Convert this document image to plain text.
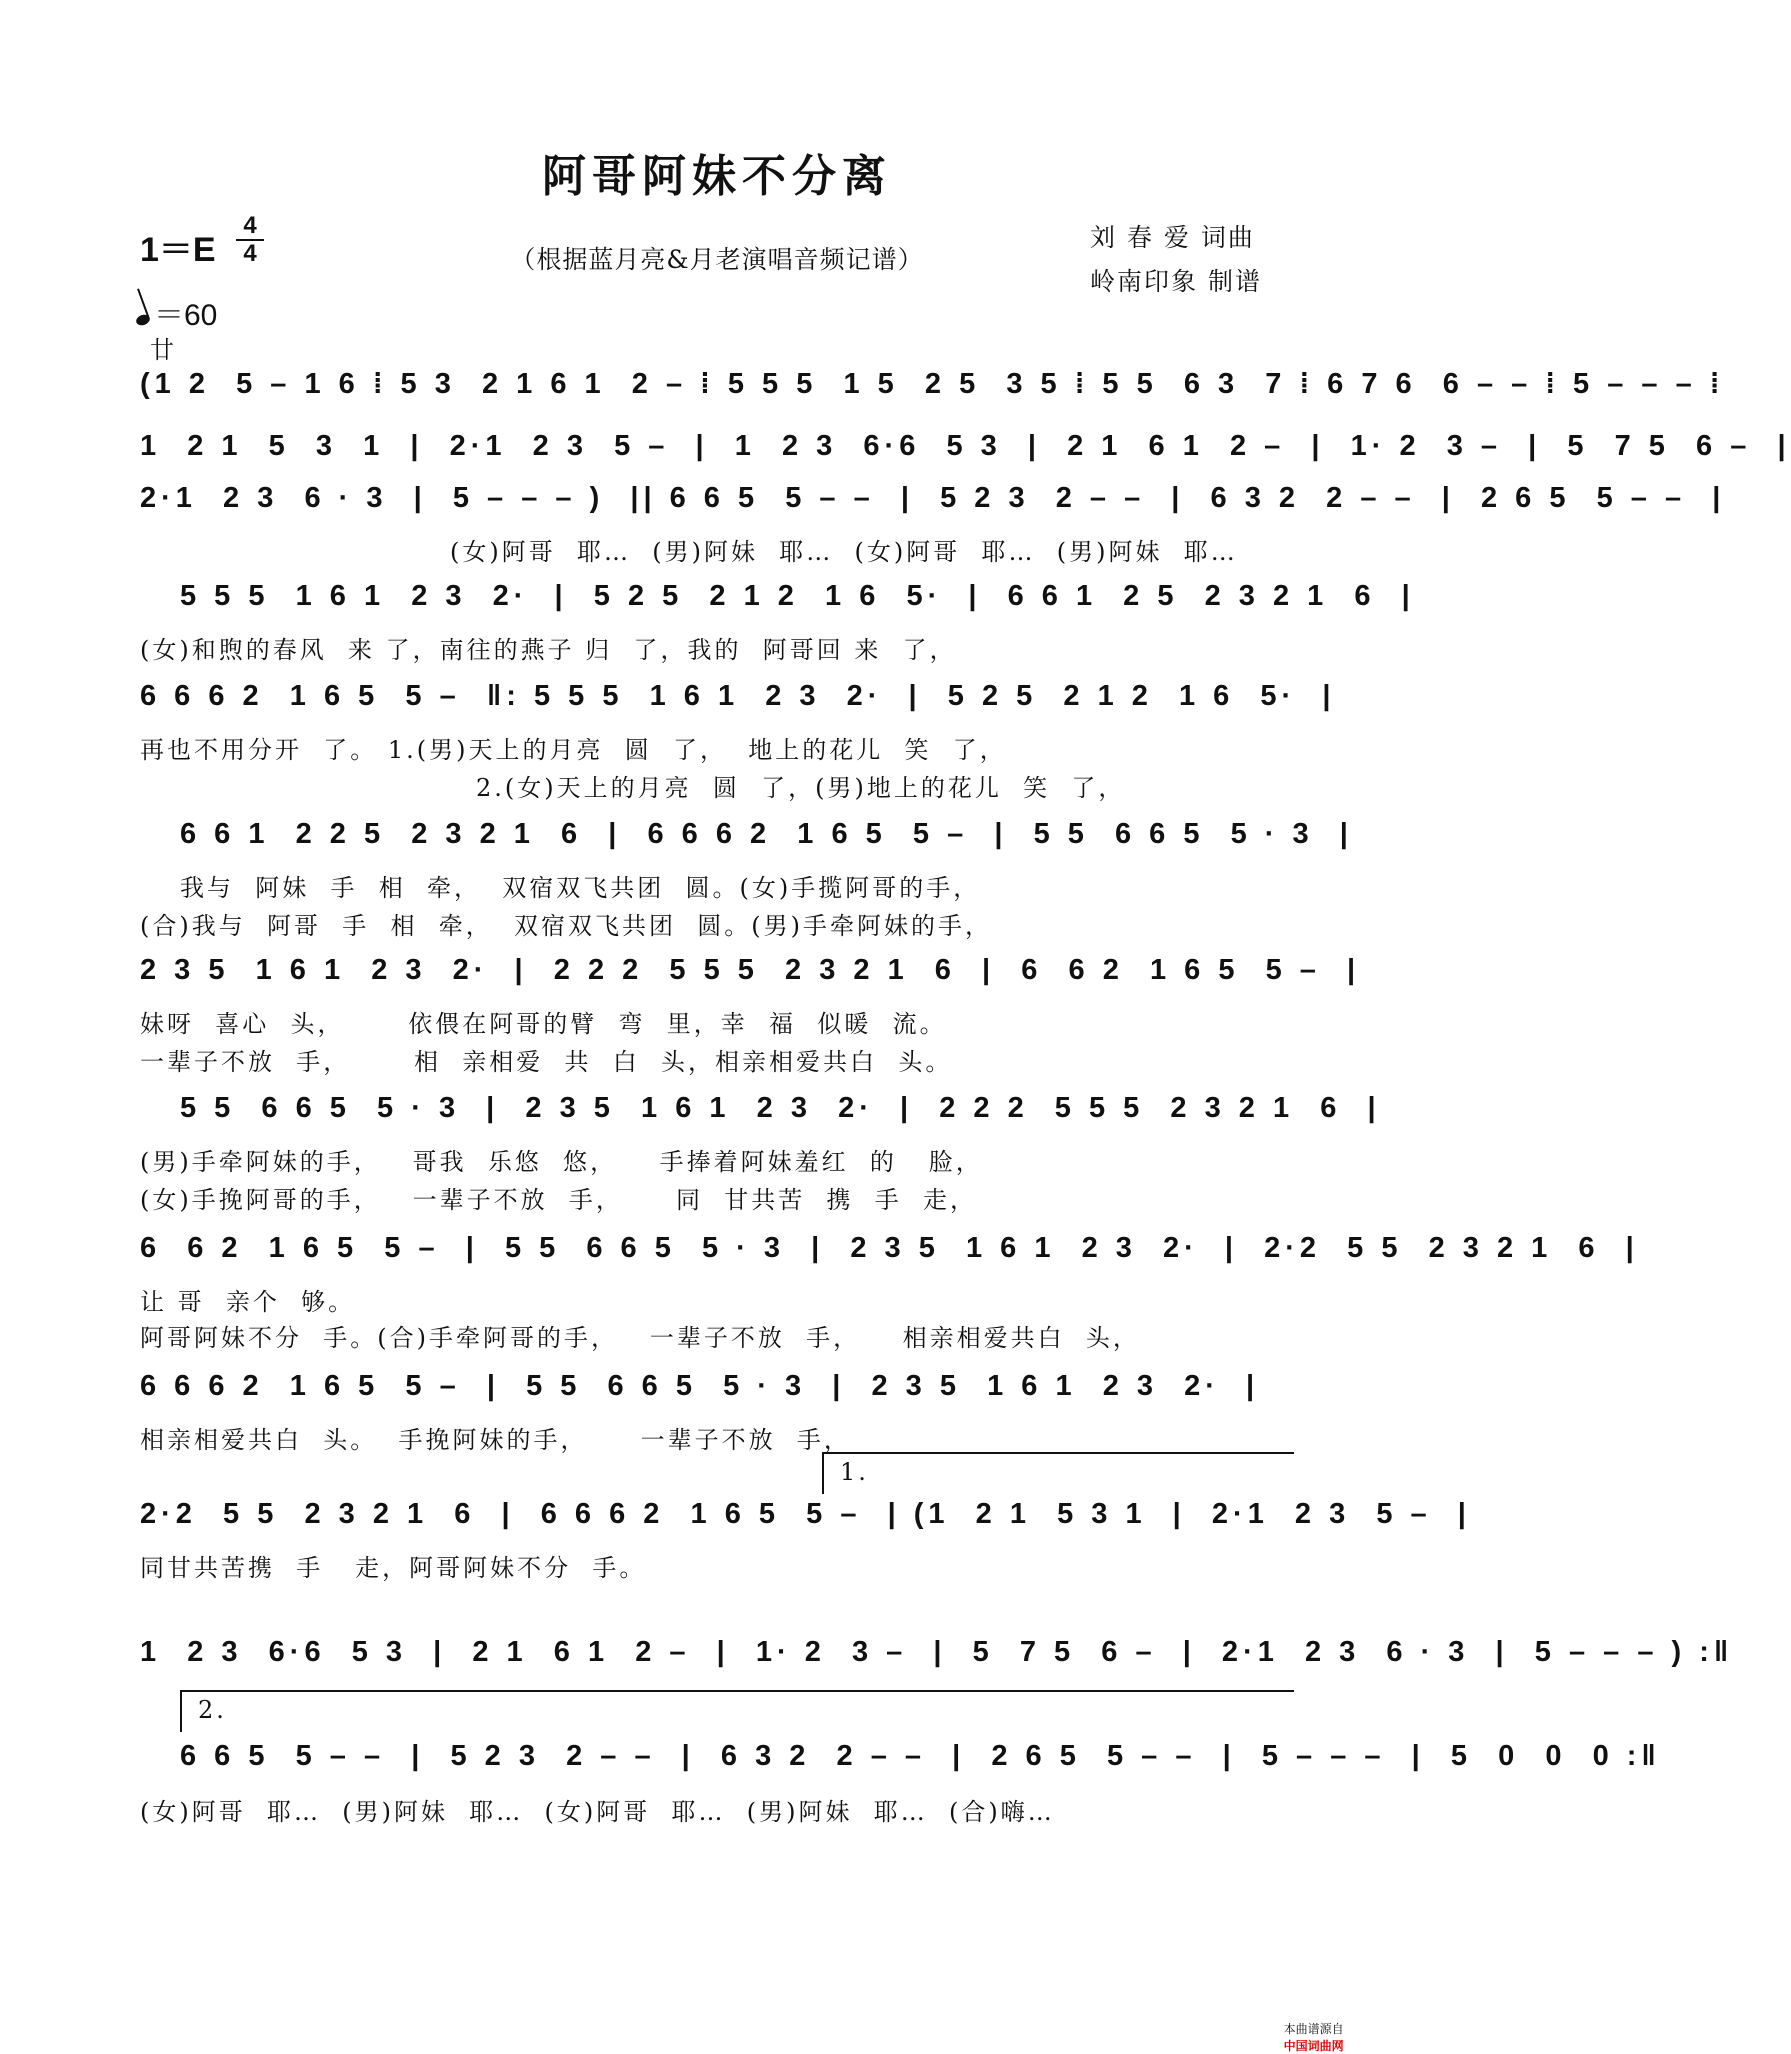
阿哥阿妹不分离
1＝E
4
4
＝60
（根据蓝月亮&月老演唱音频记谱）
刘 春 爱 词曲
岭南印象 制谱
廿
(1 2  5 – 1 6 ⁞ 5 3  2 1 6 1  2 – ⁞ 5 5 5  1 5  2 5  3 5 ⁞ 5 5  6 3  7 ⁞ 6 7 6  6 – – ⁞ 5 – – – ⁞
1  2 1  5  3  1  |  2·1  2 3  5 –  |  1  2 3  6·6  5 3  |  2 1  6 1  2 –  |  1· 2  3 –  |  5  7 5  6 –  |
2·1  2 3  6 · 3  |  5 – – – )  || 6 6 5  5 – –  |  5 2 3  2 – –  |  6 3 2  2 – –  |  2 6 5  5 – –  |
(女)阿哥  耶…  (男)阿妹  耶…  (女)阿哥  耶…  (男)阿妹  耶…
5 5 5  1 6 1  2 3  2·  |  5 2 5  2 1 2  1 6  5·  |  6 6 1  2 5  2 3 2 1  6  |
(女)和煦的春风  来 了，南往的燕子 归  了，我的  阿哥回 来  了，
6 6 6 2  1 6 5  5 –  ‖: 5 5 5  1 6 1  2 3  2·  |  5 2 5  2 1 2  1 6  5·  |
再也不用分开  了。 1.(男)天上的月亮  圆  了，  地上的花儿  笑  了，
2.(女)天上的月亮  圆  了，(男)地上的花儿  笑  了，
6 6 1  2 2 5  2 3 2 1  6  |  6 6 6 2  1 6 5  5 –  |  5 5  6 6 5  5 · 3  |
我与  阿妹  手  相  牵，  双宿双飞共团  圆。(女)手揽阿哥的手，
(合)我与  阿哥  手  相  牵，  双宿双飞共团  圆。(男)手牵阿妹的手，
2 3 5  1 6 1  2 3  2·  |  2 2 2  5 5 5  2 3 2 1  6  |  6  6 2  1 6 5  5 –  |
妹呀  喜心  头，      依偎在阿哥的臂  弯  里，幸  福  似暖  流。
一辈子不放  手，      相  亲相爱  共  白  头，相亲相爱共白  头。
5 5  6 6 5  5 · 3  |  2 3 5  1 6 1  2 3  2·  |  2 2 2  5 5 5  2 3 2 1  6  |
(男)手牵阿妹的手，   哥我  乐悠  悠，    手捧着阿妹羞红  的   脸，
(女)手挽阿哥的手，   一辈子不放  手，     同  甘共苦  携  手  走，
6  6 2  1 6 5  5 –  |  5 5  6 6 5  5 · 3  |  2 3 5  1 6 1  2 3  2·  |  2·2  5 5  2 3 2 1  6  |
让 哥  亲个  够。
阿哥阿妹不分  手。(合)手牵阿哥的手，   一辈子不放  手，    相亲相爱共白  头，
6 6 6 2  1 6 5  5 –  |  5 5  6 6 5  5 · 3  |  2 3 5  1 6 1  2 3  2·  |
相亲相爱共白  头。  手挽阿妹的手，     一辈子不放  手，
1.
2·2  5 5  2 3 2 1  6  |  6 6 6 2  1 6 5  5 –  | (1  2 1  5 3 1  |  2·1  2 3  5 –  |
同甘共苦携  手   走，阿哥阿妹不分  手。
1  2 3  6·6  5 3  |  2 1  6 1  2 –  |  1· 2  3 –  |  5  7 5  6 –  |  2·1  2 3  6 · 3  |  5 – – – ) :‖
2.
6 6 5  5 – –  |  5 2 3  2 – –  |  6 3 2  2 – –  |  2 6 5  5 – –  |  5 – – –  |  5  0  0  0 :‖
(女)阿哥  耶…  (男)阿妹  耶…  (女)阿哥  耶…  (男)阿妹  耶…  (合)嗨…

本曲谱源自
中国词曲网
